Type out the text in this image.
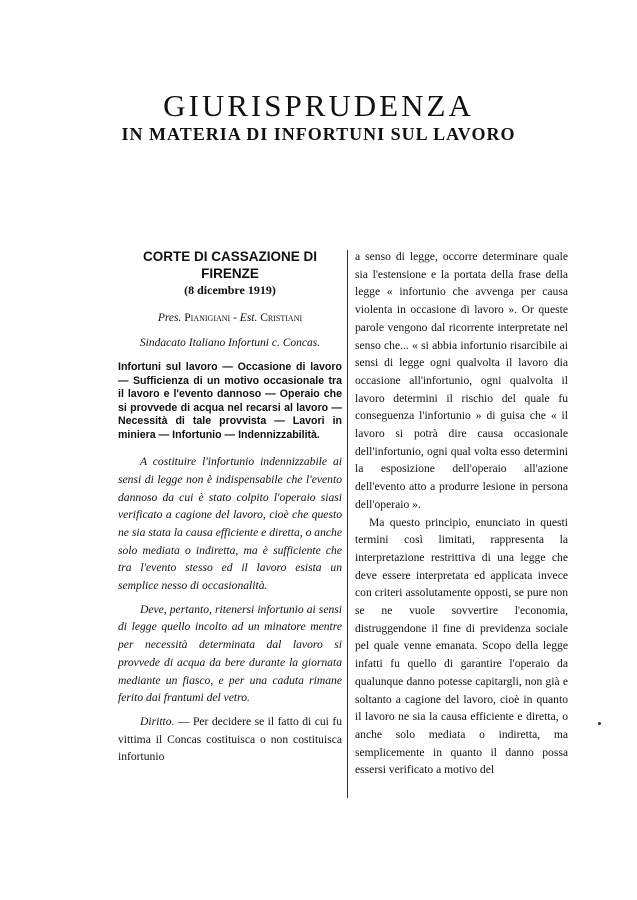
GIURISPRUDENZA
IN MATERIA DI INFORTUNI SUL LAVORO

CORTE DI CASSAZIONE DI FIRENZE

(8 dicembre 1919)

Pres. Pianigiani - Est. Cristiani

Sindacato Italiano Infortuni c. Concas.

Infortuni sul lavoro — Occasione di lavoro — Sufficienza di un motivo occasionale tra il lavoro e l'evento dannoso — Operaio che si provvede di acqua nel recarsi al lavoro — Necessità di tale provvista — Lavori in miniera — Infortunio — Indennizzabilità.

A costituire l'infortunio indennizzabile ai sensi di legge non è indispensabile che l'evento dannoso da cui è stato colpito l'operaio siasi verificato a cagione del lavoro, cioè che questo ne sia stata la causa efficiente e diretta, o anche solo mediata o indiretta, ma è sufficiente che tra l'evento stesso ed il lavoro esista un semplice nesso di occasionalità.

Deve, pertanto, ritenersi infortunio ai sensi di legge quello incolto ad un minatore mentre per necessità determinata dal lavoro si provvede di acqua da bere durante la giornata mediante un fiasco, e per una caduta rimane ferito dai frantumi del vetro.

Diritto. — Per decidere se il fatto di cui fu vittima il Concas costituisca o non costituisca infortunio

a senso di legge, occorre determinare quale sia l'estensione e la portata della frase della legge « infortunio che avvenga per causa violenta in occasione di lavoro ». Or queste parole vengono dal ricorrente interpretate nel senso che... « si abbia infortunio risarcibile ai sensi di legge ogni qualvolta il lavoro dia occasione all'infortunio, ogni qualvolta il lavoro determini il rischio del quale fu conseguenza l'infortunio » di guisa che « il lavoro si potrà dire causa occasionale dell'infortunio, ogni qual volta esso determini la esposizione dell'operaio all'azione dell'evento atto a produrre lesione in persona dell'operaio ».

Ma questo principio, enunciato in questi termini così limitati, rappresenta la interpretazione restrittiva di una legge che deve essere interpretata ed applicata invece con criteri assolutamente opposti, se pure non se ne vuole sovvertire l'economia, distruggendone il fine di previdenza sociale pel quale venne emanata. Scopo della legge infatti fu quello di garantire l'operaio da qualunque danno potesse capitargli, non già e soltanto a cagione del lavoro, cioè in quanto il lavoro ne sia la causa efficiente e diretta, o anche solo mediata o indiretta, ma semplicemente in quanto il danno possa essersi verificato a motivo del
